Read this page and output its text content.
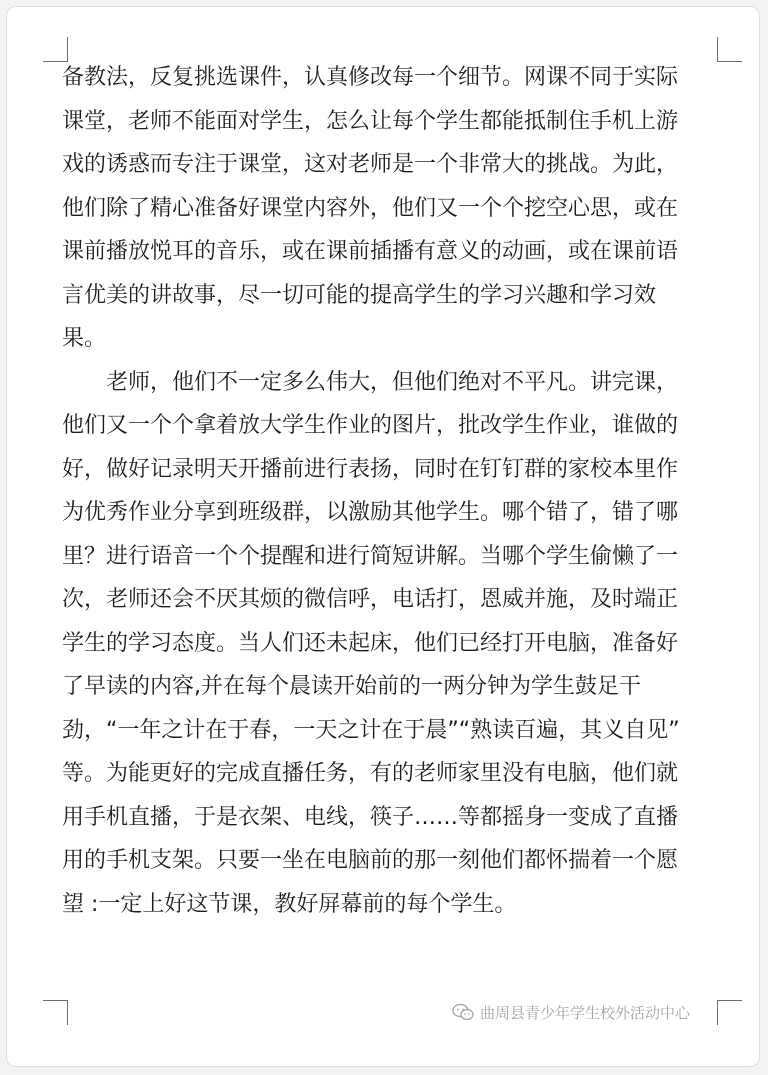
备教法，反复挑选课件，认真修改每一个细节。网课不同于实际
课堂，老师不能面对学生，怎么让每个学生都能抵制住手机上游
戏的诱惑而专注于课堂，这对老师是一个非常大的挑战。为此，
他们除了精心准备好课堂内容外，他们又一个个挖空心思，或在
课前播放悦耳的音乐，或在课前插播有意义的动画，或在课前语
言优美的讲故事，尽一切可能的提高学生的学习兴趣和学习效
果。
　　老师，他们不一定多么伟大，但他们绝对不平凡。讲完课，
他们又一个个拿着放大学生作业的图片，批改学生作业，谁做的
好，做好记录明天开播前进行表扬，同时在钉钉群的家校本里作
为优秀作业分享到班级群，以激励其他学生。哪个错了，错了哪
里？进行语音一个个提醒和进行简短讲解。当哪个学生偷懒了一
次，老师还会不厌其烦的微信呼，电话打，恩威并施，及时端正
学生的学习态度。当人们还未起床，他们已经打开电脑，准备好
了早读的内容,并在每个晨读开始前的一两分钟为学生鼓足干
劲，“一年之计在于春，一天之计在于晨”“熟读百遍，其义自见”
等。为能更好的完成直播任务，有的老师家里没有电脑，他们就
用手机直播，于是衣架、电线，筷子……等都摇身一变成了直播
用的手机支架。只要一坐在电脑前的那一刻他们都怀揣着一个愿
望 :一定上好这节课，教好屏幕前的每个学生。
曲周县青少年学生校外活动中心
